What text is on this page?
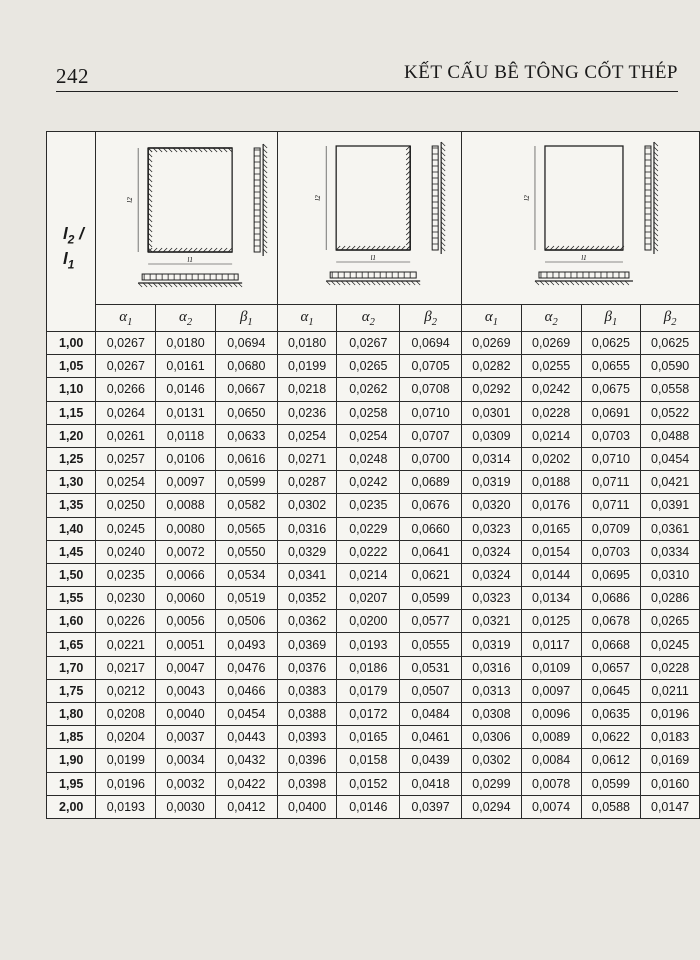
242	KẾT CẤU BÊ TÔNG CỐT THÉP
$l_2$ /
$l_1$	l2
l1			l2
l1			l2
l1			

	$\alpha_1$	$\alpha_2$	$\beta_1$	$\alpha_1$	$\alpha_2$	$\beta_2$	$\alpha_1$	$\alpha_2$	$\beta_1$	$\beta_2$
1,00	0,0267	0,0180	0,0694	0,0180	0,0267	0,0694	0,0269	0,0269	0,0625	0,0625
1,05	0,0267	0,0161	0,0680	0,0199	0,0265	0,0705	0,0282	0,0255	0,0655	0,0590
1,10	0,0266	0,0146	0,0667	0,0218	0,0262	0,0708	0,0292	0,0242	0,0675	0,0558
1,15	0,0264	0,0131	0,0650	0,0236	0,0258	0,0710	0,0301	0,0228	0,0691	0,0522
1,20	0,0261	0,0118	0,0633	0,0254	0,0254	0,0707	0,0309	0,0214	0,0703	0,0488
1,25	0,0257	0,0106	0,0616	0,0271	0,0248	0,0700	0,0314	0,0202	0,0710	0,0454
1,30	0,0254	0,0097	0,0599	0,0287	0,0242	0,0689	0,0319	0,0188	0,0711	0,0421
1,35	0,0250	0,0088	0,0582	0,0302	0,0235	0,0676	0,0320	0,0176	0,0711	0,0391
1,40	0,0245	0,0080	0,0565	0,0316	0,0229	0,0660	0,0323	0,0165	0,0709	0,0361
1,45	0,0240	0,0072	0,0550	0,0329	0,0222	0,0641	0,0324	0,0154	0,0703	0,0334
1,50	0,0235	0,0066	0,0534	0,0341	0,0214	0,0621	0,0324	0,0144	0,0695	0,0310
1,55	0,0230	0,0060	0,0519	0,0352	0,0207	0,0599	0,0323	0,0134	0,0686	0,0286
1,60	0,0226	0,0056	0,0506	0,0362	0,0200	0,0577	0,0321	0,0125	0,0678	0,0265
1,65	0,0221	0,0051	0,0493	0,0369	0,0193	0,0555	0,0319	0,0117	0,0668	0,0245
1,70	0,0217	0,0047	0,0476	0,0376	0,0186	0,0531	0,0316	0,0109	0,0657	0,0228
1,75	0,0212	0,0043	0,0466	0,0383	0,0179	0,0507	0,0313	0,0097	0,0645	0,0211
1,80	0,0208	0,0040	0,0454	0,0388	0,0172	0,0484	0,0308	0,0096	0,0635	0,0196
1,85	0,0204	0,0037	0,0443	0,0393	0,0165	0,0461	0,0306	0,0089	0,0622	0,0183
1,90	0,0199	0,0034	0,0432	0,0396	0,0158	0,0439	0,0302	0,0084	0,0612	0,0169
1,95	0,0196	0,0032	0,0422	0,0398	0,0152	0,0418	0,0299	0,0078	0,0599	0,0160
2,00	0,0193	0,0030	0,0412	0,0400	0,0146	0,0397	0,0294	0,0074	0,0588	0,0147
